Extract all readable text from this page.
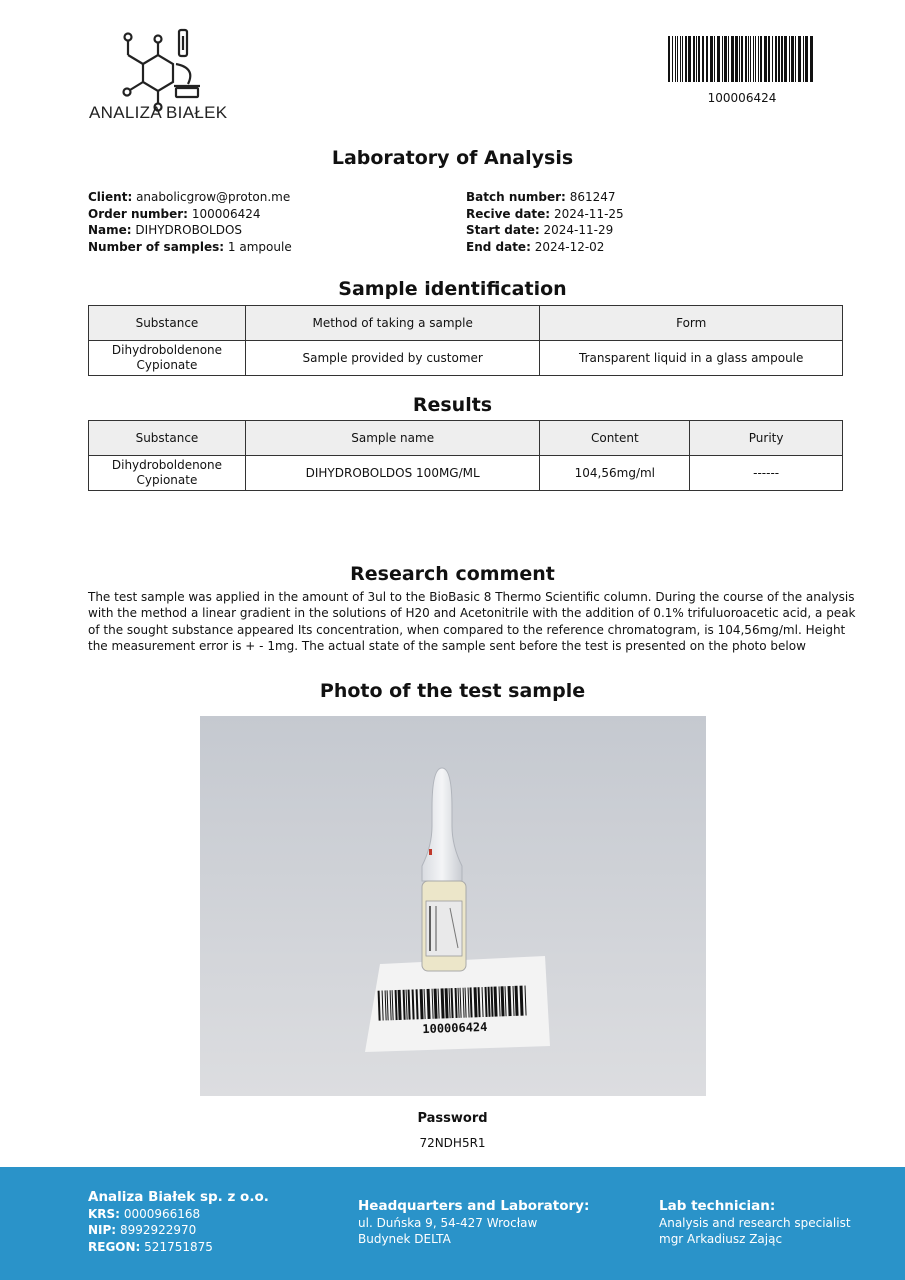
ANALIZA BIAŁEK
100006424
Laboratory of Analysis
Client: anabolicgrow@proton.me
Order number: 100006424
Name: DIHYDROBOLDOS
Number of samples: 1 ampoule
Batch number: 861247
Recive date: 2024-11-25
Start date: 2024-11-29
End date: 2024-12-02
Sample identification
Substance	Method of taking a sample	Form
Dihydroboldenone Cypionate	Sample provided by customer	Transparent liquid in a glass ampoule
Results
Substance	Sample name	Content	Purity
Dihydroboldenone Cypionate	DIHYDROBOLDOS 100MG/ML	104,56mg/ml	------
Research comment
The test sample was applied in the amount of 3ul to the BioBasic 8 Thermo Scientific column. During the course of the analysis with the method a linear gradient in the solutions of H20 and Acetonitrile with the addition of 0.1% trifuluoroacetic acid, a peak of the sought substance appeared Its concentration, when compared to the reference chromatogram, is 104,56mg/ml. Height the measurement error is + - 1mg. The actual state of the sample sent before the test is presented on the photo below
Photo of the test sample
100006424
Password
72NDH5R1
Analiza Białek sp. z o.o.
KRS: 0000966168
NIP: 8992922970
REGON: 521751875
Headquarters and Laboratory:
ul. Duńska 9, 54-427 Wrocław
Budynek DELTA
Lab technician:
Analysis and research specialist
mgr Arkadiusz Zając
